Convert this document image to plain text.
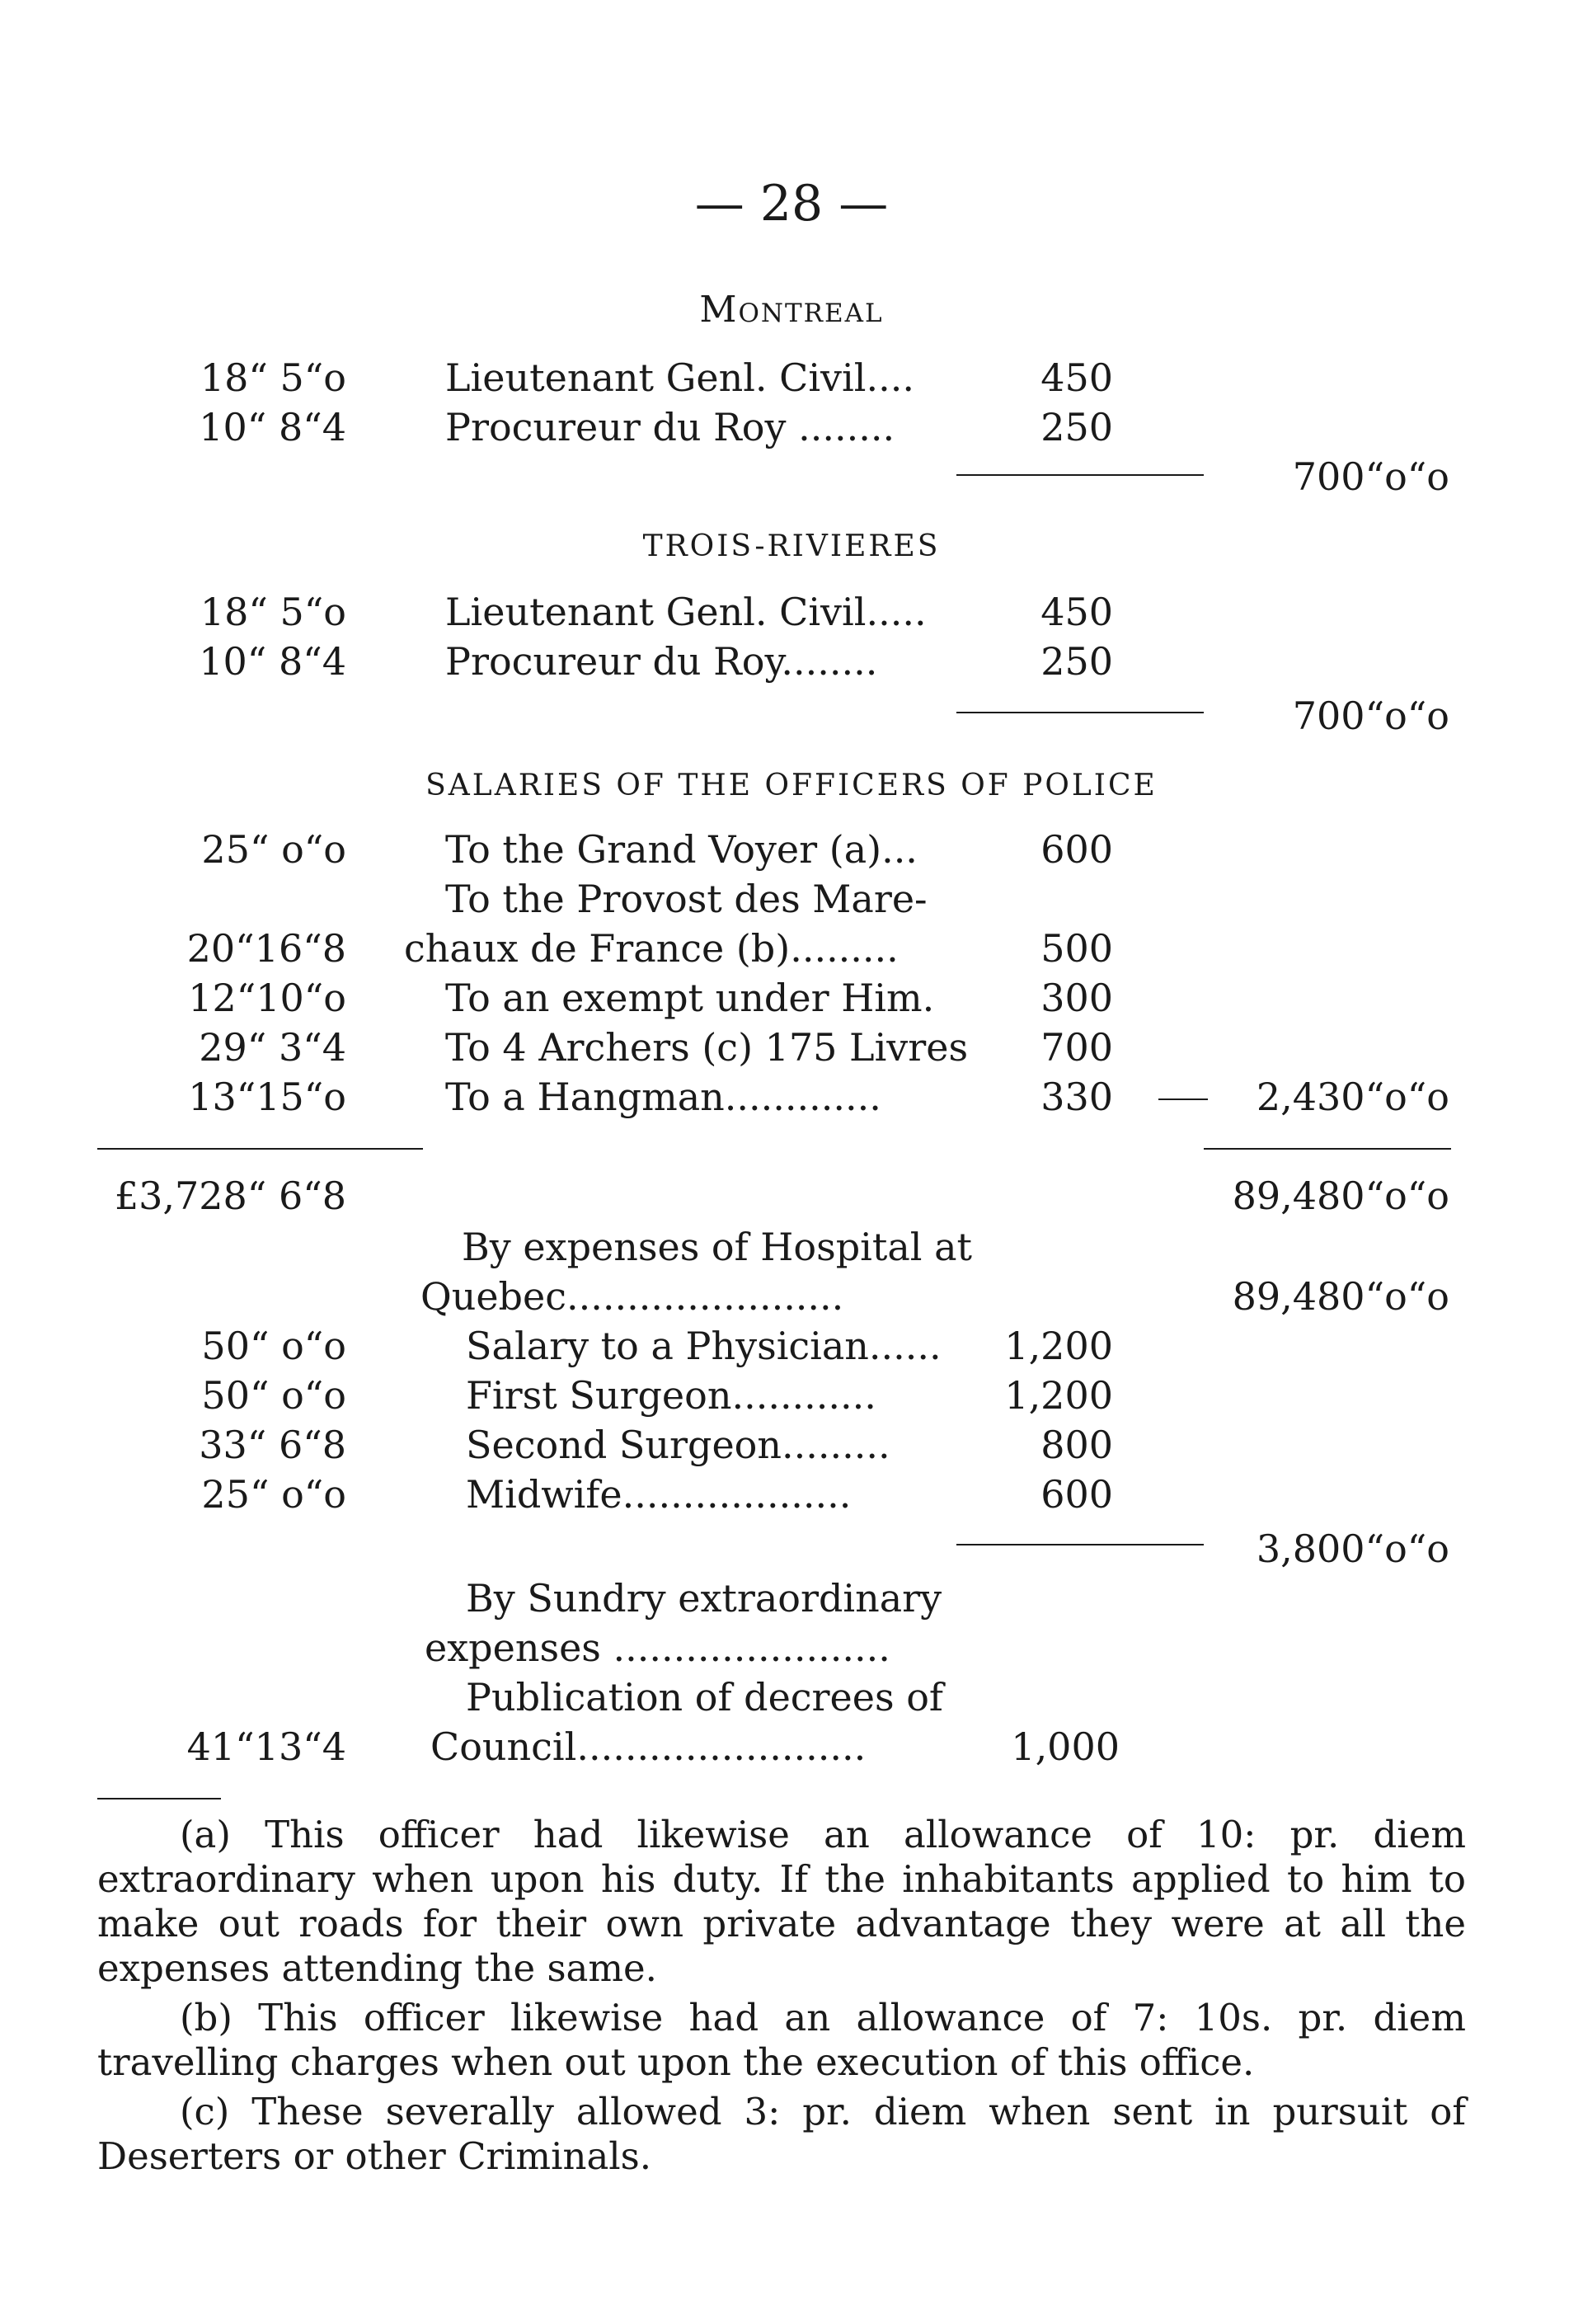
— 28 —
Montreal
18“ 5“o	Lieutenant Genl. Civil....	450
10“ 8“4	Procureur du Roy ........	250
700“o“o
TROIS-RIVIERES
18“ 5“o	Lieutenant Genl. Civil.....	450
10“ 8“4	Procureur du Roy........	250
700“o“o
SALARIES OF THE OFFICERS OF POLICE
25“ o“o	To the Grand Voyer (a)...	600
To the Provost des Mare-
20“16“8 chaux de France (b).........	500
12“10“o	To an exempt under Him.	300
29“ 3“4	To 4 Archers (c) 175 Livres 700
13“15“o	To a Hangman.............	330	2,430“o“o
£3,728“ 6“8	89,480“o“o
By expenses of Hospital at
Quebec.......................	89,480“o“o
50“ o“o	Salary to a Physician...... 1,200
50“ o“o	First Surgeon............	1,200
33“ 6“8	Second Surgeon.........	800
25“ o“o	Midwife...................	600
3,800“o“o
By Sundry extraordinary
expenses .......................
Publication of decrees of
41“13“4 Council........................	1,000

(a) This officer had likewise an allowance of 10: pr. diem extraordinary when upon his duty. If the inhabitants applied to him to make out roads for their own private advantage they were at all the expenses attending the same.

(b) This officer likewise had an allowance of 7: 10s. pr. diem travelling charges when out upon the execution of this office.

(c) These severally allowed 3: pr. diem when sent in pursuit of Deserters or other Criminals.
